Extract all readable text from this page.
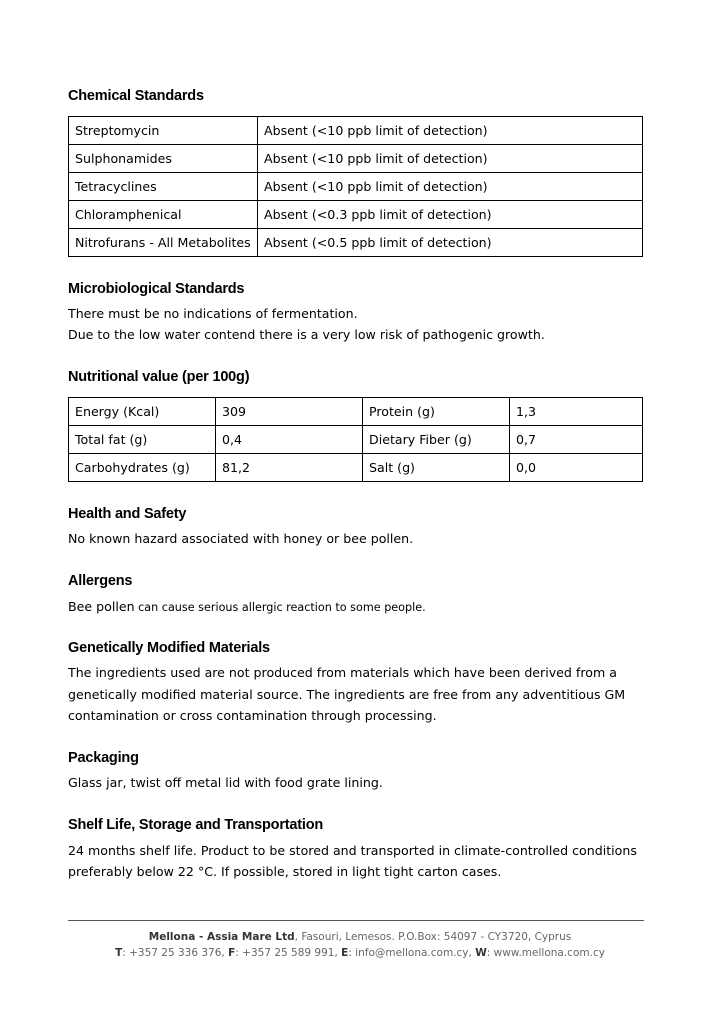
Chemical Standards
Streptomycin	Absent (<10 ppb limit of detection)
Sulphonamides	Absent (<10 ppb limit of detection)
Tetracyclines	Absent (<10 ppb limit of detection)
Chloramphenical	Absent (<0.3 ppb limit of detection)
Nitrofurans - All Metabolites	Absent (<0.5 ppb limit of detection)
Microbiological Standards

There must be no indications of fermentation.

Due to the low water contend there is a very low risk of pathogenic growth.

Nutritional value (per 100g)
Energy (Kcal)	309	Protein (g)	1,3
Total fat (g)	0,4	Dietary Fiber (g)	0,7
Carbohydrates (g)	81,2	Salt (g)	0,0
Health and Safety

No known hazard associated with honey or bee pollen.

Allergens

Bee pollen can cause serious allergic reaction to some people.

Genetically Modified Materials

The ingredients used are not produced from materials which have been derived from a

genetically modified material source. The ingredients are free from any adventitious GM

contamination or cross contamination through processing.

Packaging

Glass jar, twist off metal lid with food grate lining.

Shelf Life, Storage and Transportation

24 months shelf life. Product to be stored and transported in climate-controlled conditions

preferably below 22 °C. If possible, stored in light tight carton cases.

Mellona - Assia Mare Ltd, Fasouri, Lemesos. P.O.Box: 54097 - CY3720, Cyprus
T: +357 25 336 376, F: +357 25 589 991, E: info@mellona.com.cy, W: www.mellona.com.cy
